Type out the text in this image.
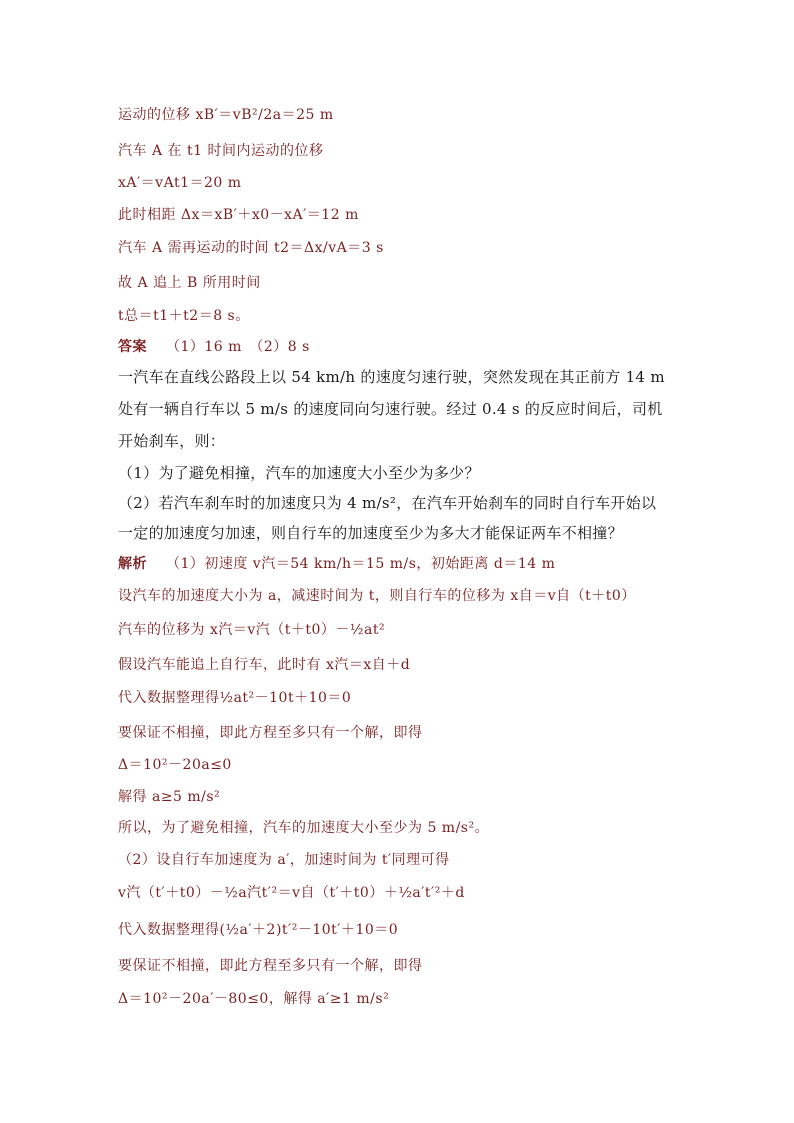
运动的位移 xB′＝vB²/2a＝25 m
汽车 A 在 t1 时间内运动的位移
xA′＝vAt1＝20 m
此时相距 Δx＝xB′＋x0－xA′＝12 m
汽车 A 需再运动的时间 t2＝Δx/vA＝3 s
故 A 追上 B 所用时间
t总＝t1＋t2＝8 s。
答案 （1）16 m　（2）8 s
一汽车在直线公路段上以 54 km/h 的速度匀速行驶，突然发现在其正前方 14 m
处有一辆自行车以 5 m/s 的速度同向匀速行驶。经过 0.4 s 的反应时间后，司机
开始刹车，则：
（1）为了避免相撞，汽车的加速度大小至少为多少？
（2）若汽车刹车时的加速度只为 4 m/s²，在汽车开始刹车的同时自行车开始以
一定的加速度匀加速，则自行车的加速度至少为多大才能保证两车不相撞？
解析 （1）初速度 v汽＝54 km/h＝15 m/s，初始距离 d＝14 m
设汽车的加速度大小为 a，减速时间为 t，则自行车的位移为 x自＝v自（t＋t0）
汽车的位移为 x汽＝v汽（t＋t0）－½at²
假设汽车能追上自行车，此时有 x汽＝x自＋d
代入数据整理得½at²－10t＋10＝0
要保证不相撞，即此方程至多只有一个解，即得
Δ＝10²－20a≤0
解得 a≥5 m/s²
所以，为了避免相撞，汽车的加速度大小至少为 5 m/s²。
（2）设自行车加速度为 a′，加速时间为 t′同理可得
v汽（t′＋t0）－½a汽t′²＝v自（t′＋t0）＋½a′t′²＋d
代入数据整理得(½a′＋2)t′²－10t′＋10＝0
要保证不相撞，即此方程至多只有一个解，即得
Δ＝10²－20a′－80≤0，解得 a′≥1 m/s²
